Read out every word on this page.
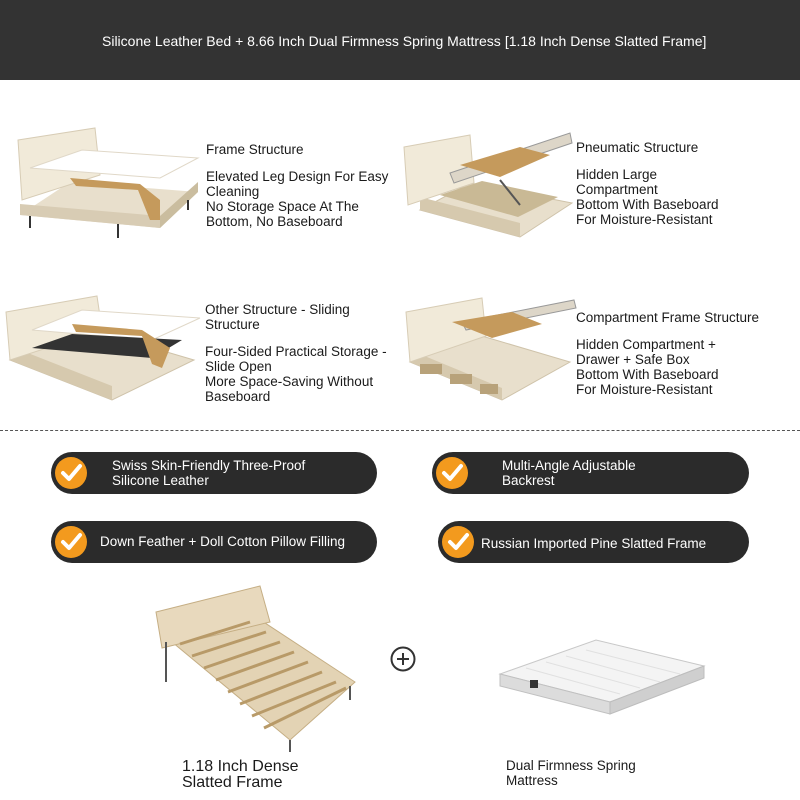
Silicone Leather Bed + 8.66 Inch Dual Firmness Spring Mattress [1.18 Inch Dense Slatted Frame]
Frame Structure
Elevated Leg Design For Easy
Cleaning
No Storage Space At The
Bottom, No Baseboard
Pneumatic Structure
Hidden Large
Compartment
Bottom With Baseboard
For Moisture-Resistant
Other Structure - Sliding
Structure
Four-Sided Practical Storage -
Slide Open
More Space-Saving Without
Baseboard
Compartment Frame Structure
Hidden Compartment +
Drawer + Safe Box
Bottom With Baseboard
For Moisture-Resistant
Swiss Skin-Friendly Three-Proof
Silicone Leather
Multi-Angle Adjustable
Backrest
Down Feather + Doll Cotton Pillow Filling	Russian Imported Pine Slatted Frame
1.18 Inch Dense
Slatted Frame
Dual Firmness Spring
Mattress
